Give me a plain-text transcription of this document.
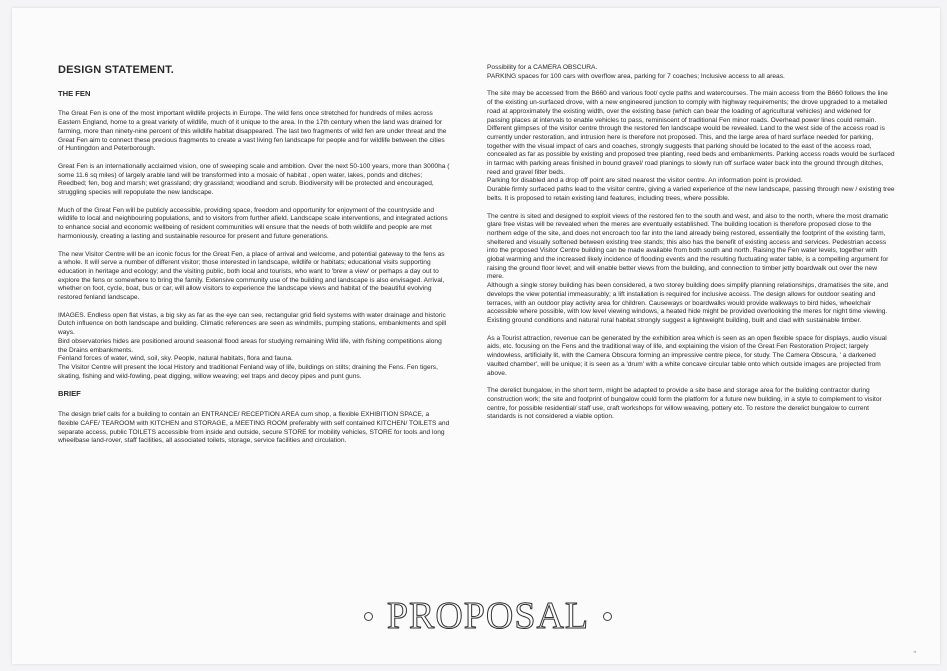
DESIGN STATEMENT.
THE FEN

The Great Fen is one of the most important wildlife projects in Europe. The wild fens once stretched for hundreds of miles across Eastern England, home to a great variety of wildlife, much of it unique to the area. In the 17th century when the land was drained for farming, more than ninety-nine percent of this wildlife habitat disappeared. The last two fragments of wild fen are under threat and the Great Fen aim to connect these precious fragments to create a vast living fen landscape for people and for wildlife between the cities of Huntingdon and Peterborough.

Great Fen is an internationally acclaimed vision, one of sweeping scale and ambition. Over the next 50-100 years, more than 3000ha ( some 11.6 sq miles) of largely arable land will be transformed into a mosaic of habitat , open water, lakes, ponds and ditches; Reedbed; fen, bog and marsh; wet grassland; dry grassland; woodland and scrub. Biodiversity will be protected and encouraged, struggling species will repopulate the new landscape.

Much of the Great Fen will be publicly accessible, providing space, freedom and opportunity for enjoyment of the countryside and wildlife to local and neighbouring populations, and to visitors from further afield. Landscape scale interventions, and integrated actions to enhance social and economic wellbeing of resident communities will ensure that the needs of both wildlife and people are met harmoniously, creating a lasting and sustainable resource for present and future generations.

The new Visitor Centre will be an iconic focus for the Great Fen, a place of arrival and welcome, and potential gateway to the fens as a whole. It will serve a number of different visitor; those interested in landscape, wildlife or habitats; educational visits supporting education in heritage and ecology; and the visiting public, both local and tourists, who want to 'brew a view' or perhaps a day out to explore the fens or somewhere to bring the family. Extensive community use of the building and landscape is also envisaged. Arrival, whether on foot, cycle, boat, bus or car, will allow visitors to experience the landscape views and habitat of the beautiful evolving restored fenland landscape.

IMAGES. Endless open flat vistas, a big sky as far as the eye can see, rectangular grid field systems with water drainage and historic Dutch influence on both landscape and building. Climatic references are seen as windmills, pumping stations, embankments and spill ways.

Bird observatories hides are positioned around seasonal flood areas for studying remaining Wild life, with fishing competitions along the Drains embankments.

Fenland forces of water, wind, soil, sky. People, natural habitats, flora and fauna.

The Visitor Centre will present the local History and traditional Fenland way of life, buildings on stilts; draining the Fens. Fen tigers, skating, fishing and wild-fowling, peat digging, willow weaving; eel traps and decoy pipes and punt guns.

BRIEF

The design brief calls for a building to contain an ENTRANCE/ RECEPTION AREA cum shop, a flexible EXHIBITION SPACE, a flexible CAFE/ TEAROOM with KITCHEN and STORAGE, a MEETING ROOM preferably with self contained KITCHEN/ TOILETS and separate access, public TOILETS accessible from inside and outside, secure STORE for mobility vehicles, STORE for tools and long wheelbase land-rover, staff facilities, all associated toilets, storage, service facilities and circulation.

Possibility for a CAMERA OBSCURA.

PARKING spaces for 100 cars with overflow area, parking for 7 coaches; Inclusive access to all areas.

The site may be accessed from the B660 and various foot/ cycle paths and watercourses. The main access from the B660 follows the line of the existing un-surfaced drove, with a new engineered junction to comply with highway requirements; the drove upgraded to a metalled road at approximately the existing width, over the existing base (which can bear the loading of agricultural vehicles) and widened for passing places at intervals to enable vehicles to pass, reminiscent of traditional Fen minor roads. Overhead power lines could remain. Different glimpses of the visitor centre through the restored fen landscape would be revealed. Land to the west side of the access road is currently under restoration, and intrusion here is therefore not proposed. This, and the large area of hard surface needed for parking, together with the visual impact of cars and coaches, strongly suggests that parking should be located to the east of the access road, concealed as far as possible by existing and proposed tree planting, reed beds and embankments. Parking access roads would be surfaced in tarmac with parking areas finished in bound gravel/ road planings to slowly run off surface water back into the ground through ditches, reed and gravel filter beds.

Parking for disabled and a drop off point are sited nearest the visitor centre. An information point is provided.

Durable firmly surfaced paths lead to the visitor centre, giving a varied experience of the new landscape, passing through new / existing tree belts. It is proposed to retain existing land features, including trees, where possible.

The centre is sited and designed to exploit views of the restored fen to the south and west, and also to the north, where the most dramatic glare free vistas will be revealed when the meres are eventually established. The building location is therefore proposed close to the northern edge of the site, and does not encroach too far into the land already being restored, essentially the footprint of the existing farm, sheltered and visually softened between existing tree stands; this also has the benefit of existing access and services. Pedestrian access into the proposed Visitor Centre building can be made available from both south and north. Raising the Fen water levels, together with global warming and the increased likely incidence of flooding events and the resulting fluctuating water table, is a compelling argument for raising the ground floor level; and will enable better views from the building, and connection to timber jetty boardwalk out over the new mere.

Although a single storey building has been considered, a two storey building does simplify planning relationships, dramatises the site, and develops the view potential immeasurably; a lift installation is required for inclusive access. The design allows for outdoor seating and terraces, with an outdoor play activity area for children. Causeways or boardwalks would provide walkways to bird hides, wheelchair accessible where possible, with low level viewing windows, a heated hide might be provided overlooking the meres for night time viewing.

Existing ground conditions and natural rural habitat strongly suggest a lightweight building, built and clad with sustainable timber.

As a Tourist attraction, revenue can be generated by the exhibition area which is seen as an open flexible space for displays, audio visual aids, etc. focusing on the Fens and the traditional way of life, and explaining the vision of the Great Fen Restoration Project; largely windowless, artificially lit, with the Camera Obscura forming an impressive centre piece, for study. The Camera Obscura, ' a darkened vaulted chamber', will be unique; it is seen as a 'drum' with a white concave circular table onto which outside images are projected from above.

The derelict bungalow, in the short term, might be adapted to provide a site base and storage area for the building contractor during construction work; the site and footprint of bungalow could form the platform for a future new building, in a style to complement to visitor centre, for possible residential/ staff use, craft workshops for willow weaving, pottery etc. To restore the derelict bungalow to current standards is not considered a viable option.

PROPOSAL
"
